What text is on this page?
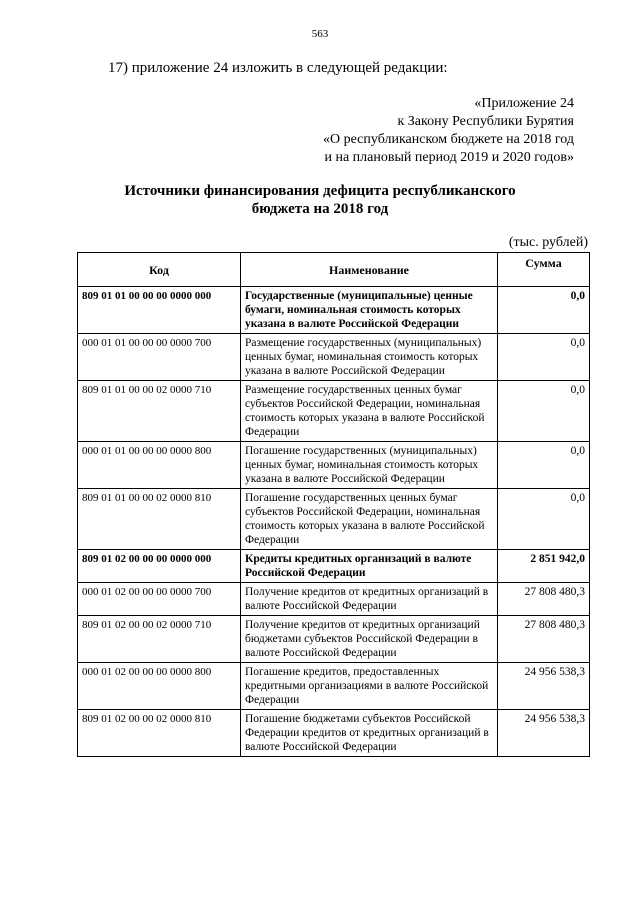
563
17) приложение 24 изложить в следующей редакции:
«Приложение 24
к Закону Республики Бурятия
«О республиканском бюджете на 2018 год
и на плановый период 2019 и 2020 годов»
Источники финансирования дефицита республиканского бюджета на 2018 год
(тыс. рублей)
Код	Наименование	Сумма
809 01 01 00 00 00 0000 000	Государственные (муниципальные) ценные бумаги, номинальная стоимость которых указана в валюте Российской Федерации	0,0
000 01 01 00 00 00 0000 700	Размещение государственных (муниципальных) ценных бумаг, номинальная стоимость которых указана в валюте Российской Федерации	0,0
809 01 01 00 00 02 0000 710	Размещение государственных ценных бумаг субъектов Российской Федерации, номинальная стоимость которых указана в валюте Российской Федерации	0,0
000 01 01 00 00 00 0000 800	Погашение государственных (муниципальных) ценных бумаг, номинальная стоимость которых указана в валюте Российской Федерации	0,0
809 01 01 00 00 02 0000 810	Погашение государственных ценных бумаг субъектов Российской Федерации, номинальная стоимость которых указана в валюте Российской Федерации	0,0
809 01 02 00 00 00 0000 000	Кредиты кредитных организаций в валюте Российской Федерации	2 851 942,0
000 01 02 00 00 00 0000 700	Получение кредитов от кредитных организаций в валюте Российской Федерации	27 808 480,3
809 01 02 00 00 02 0000 710	Получение кредитов от кредитных организаций бюджетами субъектов Российской Федерации в валюте Российской Федерации	27 808 480,3
000 01 02 00 00 00 0000 800	Погашение кредитов, предоставленных кредитными организациями в валюте Российской Федерации	24 956 538,3
809 01 02 00 00 02 0000 810	Погашение бюджетами субъектов Российской Федерации кредитов от кредитных организаций в валюте Российской Федерации	24 956 538,3
